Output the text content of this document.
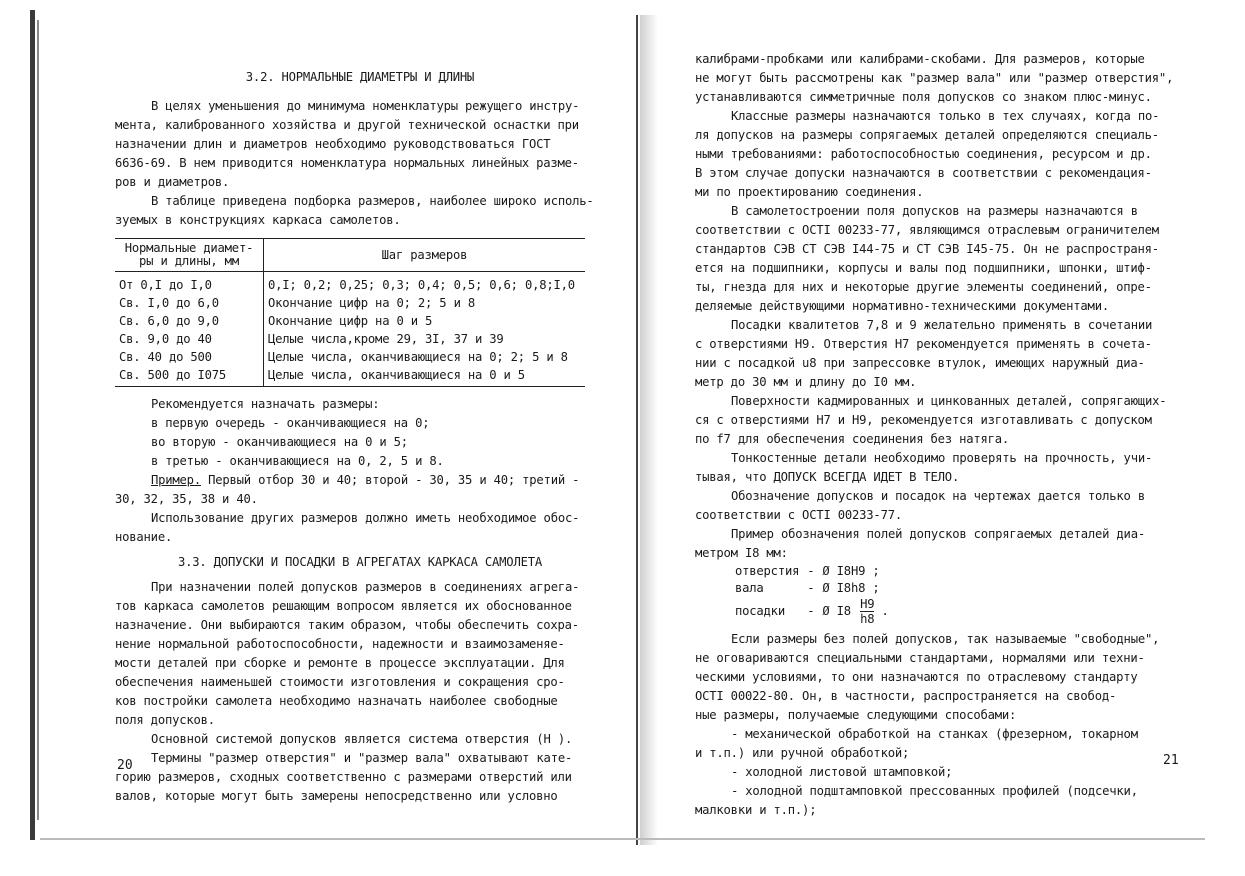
3.2. НОРМАЛЬНЫЕ ДИАМЕТРЫ И ДЛИНЫ

В целях уменьшения до минимума номенклатуры режущего инстру-

мента, калиброванного хозяйства и другой технической оснастки при

назначении длин и диаметров необходимо руководствоваться ГОСТ

6636-69. В нем приводится номенклатура нормальных линейных разме-

ров и диаметров.

В таблице приведена подборка размеров, наиболее широко исполь-

зуемых в конструкциях каркаса самолетов.

Нормальные диамет-
ры и длины, мм	Шаг размеров
От 0,I до I,0	0,I; 0,2; 0,25; 0,3; 0,4; 0,5; 0,6; 0,8;I,0
Св. I,0 до 6,0	Окончание цифр на 0; 2; 5 и 8
Св. 6,0 до 9,0	Окончание цифр на 0 и 5
Св. 9,0 до 40	Целые числа,кроме 29, 3I, 37 и 39
Св. 40 до 500	Целые числа, оканчивающиеся на 0; 2; 5 и 8
Св. 500 до I075	Целые числа, оканчивающиеся на 0 и 5

Рекомендуется назначать размеры:

в первую очередь - оканчивающиеся на 0;

во вторую - оканчивающиеся на 0 и 5;

в третью - оканчивающиеся на 0, 2, 5 и 8.

Пример. Первый отбор 30 и 40; второй - 30, 35 и 40; третий -

30, 32, 35, 38 и 40.

Использование других размеров должно иметь необходимое обос-

нование.

3.3. ДОПУСКИ И ПОСАДКИ В АГРЕГАТАХ КАРКАСА САМОЛЕТА

При назначении полей допусков размеров в соединениях агрега-

тов каркаса самолетов решающим вопросом является их обоснованное

назначение. Они выбираются таким образом, чтобы обеспечить сохра-

нение нормальной работоспособности, надежности и взаимозаменяе-

мости деталей при сборке и ремонте в процессе эксплуатации. Для

обеспечения наименьшей стоимости изготовления и сокращения сро-

ков постройки самолета необходимо назначать наиболее свободные

поля допусков.

Основной системой допусков является система отверстия (H ).

Термины "размер отверстия" и "размер вала" охватывают кате-

горию размеров, сходных соответственно с размерами отверстий или

валов, которые могут быть замерены непосредственно или условно

20

калибрами-пробками или калибрами-скобами. Для размеров, которые

не могут быть рассмотрены как "размер вала" или "размер отверстия",

устанавливаются симметричные поля допусков со знаком плюс-минус.

Классные размеры назначаются только в тех случаях, когда по-

ля допусков на размеры сопрягаемых деталей определяются специаль-

ными требованиями: работоспособностью соединения, ресурсом и др.

В этом случае допуски назначаются в соответствии с рекомендация-

ми по проектированию соединения.

В самолетостроении поля допусков на размеры назначаются в

соответствии с ОСТI 00233-77, являющимся отраслевым ограничителем

стандартов СЭВ СТ СЭВ I44-75 и СТ СЭВ I45-75. Он не распространя-

ется на подшипники, корпусы и валы под подшипники, шпонки, штиф-

ты, гнезда для них и некоторые другие элементы соединений, опре-

деляемые действующими нормативно-техническими документами.

Посадки квалитетов 7,8 и 9 желательно применять в сочетании

с отверстиями H9. Отверстия H7 рекомендуется применять в сочета-

нии с посадкой u8 при запрессовке втулок, имеющих наружный диа-

метр до 30 мм и длину до I0 мм.

Поверхности кадмированных и цинкованных деталей, сопрягающих-

ся с отверстиями H7 и H9, рекомендуется изготавливать с допуском

по f7 для обеспечения соединения без натяга.

Тонкостенные детали необходимо проверять на прочность, учи-

тывая, что ДОПУСК ВСЕГДА ИДЕТ В ТЕЛО.

Обозначение допусков и посадок на чертежах дается только в

соответствии с ОСТI 00233-77.

Пример обозначения полей допусков сопрягаемых деталей диа-

метром I8 мм:

отверстия	-	Ø I8H9 ;
вала	-	Ø I8h8 ;
посадки	-	Ø $I8 \frac{H9}{h8}$ .

Если размеры без полей допусков, так называемые "свободные",

не оговариваются специальными стандартами, нормалями или техни-

ческими условиями, то они назначаются по отраслевому стандарту

ОСТI 00022-80. Он, в частности, распространяется на свобод-

ные размеры, получаемые следующими способами:

- механической обработкой на станках (фрезерном, токарном

и т.п.) или ручной обработкой;

- холодной листовой штамповкой;

- холодной подштамповкой прессованных профилей (подсечки,

малковки и т.п.);

21
